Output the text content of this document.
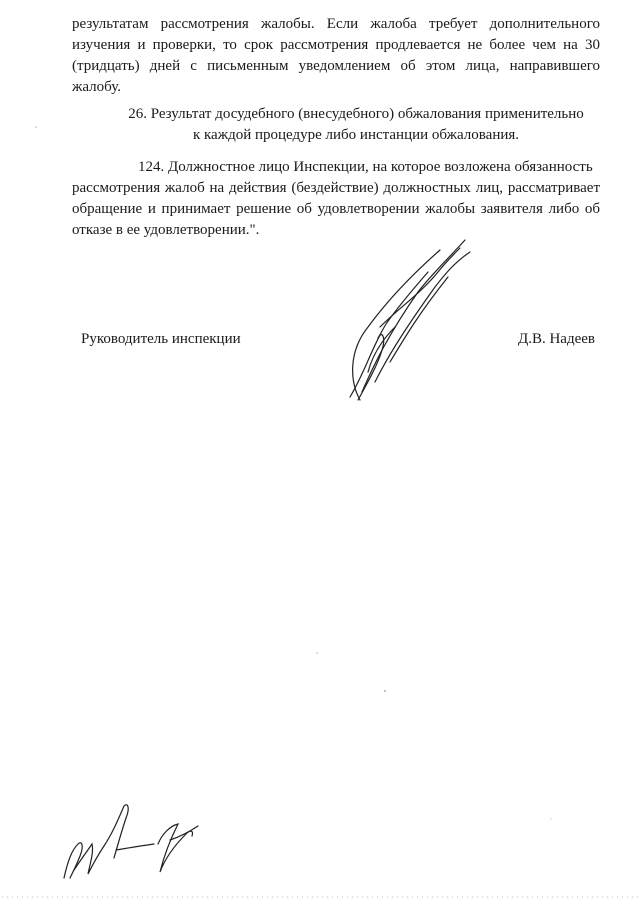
результатам рассмотрения жалобы. Если жалоба требует дополнительного
изучения и проверки, то срок рассмотрения продлевается не более чем на 30
(тридцать) дней с письменным уведомлением об этом лица, направившего
жалобу.
26. Результат досудебного (внесудебного) обжалования применительно
к каждой процедуре либо инстанции обжалования.
124. Должностное лицо Инспекции, на которое возложена обязанность
рассмотрения жалоб на действия (бездействие) должностных лиц, рассматривает
обращение и принимает решение об удовлетворении жалобы заявителя либо об
отказе в ее удовлетворении.".
Руководитель инспекции	Д.В. Надеев
